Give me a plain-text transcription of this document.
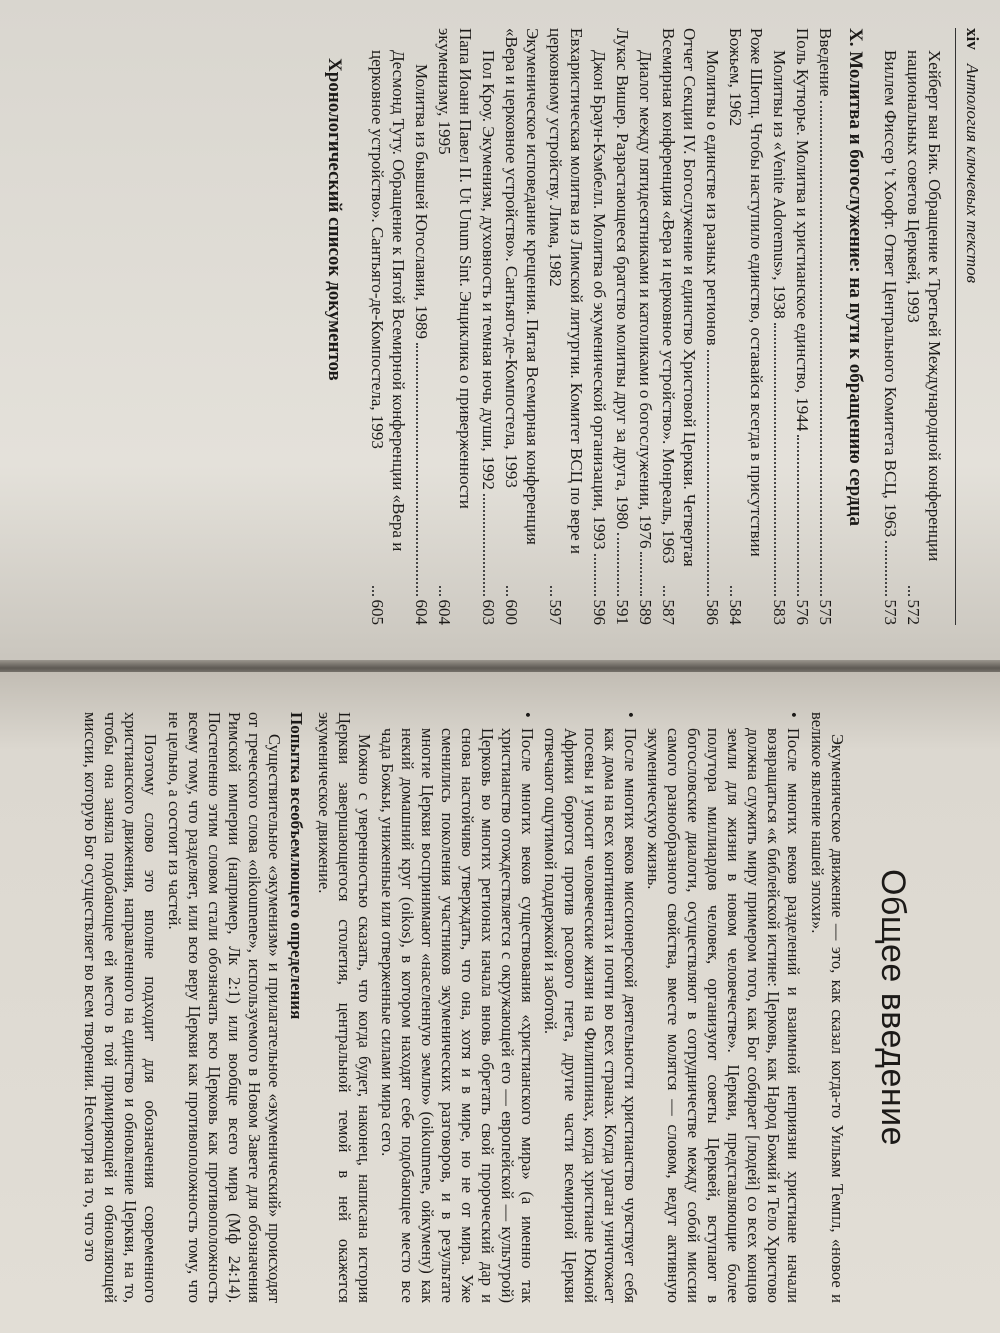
xiv
Антология ключевых текстов
Хейберт ван Бик. Обращение к Третьей Международной конференции национальных советов Церквей, 1993
572
Виллем Фиссер 't Хоофт. Ответ Центрального Комитета ВСЦ, 1963
573
X. Молитва и богослужение: на пути к обращению сердца
Введение
575
Поль Кутюрье. Молитва и христианское единство, 1944
576
Молитвы из «Venite Adoremus», 1938
583
Роже Шютц. Чтобы наступило единство, оставайся всегда в присутствии Божьем, 1962
584
Молитвы о единстве из разных регионов
586
Отчет Секции IV. Богослужение и единство Христовой Церкви. Четвертая Всемирная конференция «Вера и церковное устройство». Монреаль, 1963
587
Диалог между пятидесятниками и католиками о богослужении, 1976
589
Лукас Вишер. Разрастающееся братство молитвы друг за друга, 1980
591
Джон Браун-Кэмбелл. Молитва об экуменической организации, 1993
596
Евхаристическая молитва из Лимской литургии. Комитет ВСЦ по вере и церковному устройству. Лима, 1982
597
Экуменическое исповедание крещения. Пятая Всемирная конференция «Вера и церковное устройство». Сантьяго-де-Компостела, 1993
600
Пол Кроу. Экуменизм, духовность и темная ночь души, 1992
603
Папа Иоанн Павел II. Ut Unum Sint. Энциклика о приверженности экуменизму, 1995
604
Молитва из бывшей Югославии, 1989
604
Десмонд Туту. Обращение к Пятой Всемирной конференции «Вера и церковное устройство». Сантьяго-де-Компостела, 1993
605
Хронологический список документов
Общее введение

Экуменическое движение — это, как сказал когда-то Уильям Темпл, «новое и великое явление нашей эпохи».

• После многих веков разделений и взаимной неприязни христиане начали возвращаться «к библейской истине: Церковь, как Народ Божий и Тело Христово должна служить миру примером того, как Бог собирает [людей] со всех концов земли для жизни в новом человечестве». Церкви, представляющие более полутора миллиардов человек, организуют советы Церквей, вступают в богословские диалоги, осуществляют в сотрудничестве между собой миссии самого разнообразного свойства, вместе молятся — словом, ведут активную экуменическую жизнь.
• После многих веков миссионерской деятельности христианство чувствует себя как дома на всех континентах и почти во всех странах. Когда ураган уничтожает посевы и уносит человеческие жизни на Филиппинах, когда христиане Южной Африки борются против расового гнета, другие части всемирной Церкви отвечают ощутимой поддержкой и заботой.
• После многих веков существования «христианского мира» (а именно так христианство отождествляется с окружающей его — европейской — культурой) Церковь во многих регионах начала вновь обретать свой пророческий дар и снова настойчиво утверждать, что она, хотя и в мире, но не от мира. Уже сменились поколения участников экуменических разговоров, и в результате многие Церкви воспринимают «населенную землю» (oikoumene, ойкумену) как некий домашний круг (oikos), в котором находят себе подобающее место все чада Божьи, униженные или отверженные силами мира сего.

Можно с уверенностью сказать, что когда будет, наконец, написана история Церкви завершающегося столетия, центральной темой в ней окажется экуменическое движение.

Попытка всеобъемлющего определения

Существительное «экуменизм» и прилагательное «экуменический» происходят от греческого слова «oikoumene», используемого в Новом Завете для обозначения Римской империи (например, Лк 2:1) или вообще всего мира (Мф 24:14). Постепенно этим словом стали обозначать всю Церковь как противоположность всему тому, что разделяет, или всю веру Церкви как противоположность тому, что не цельно, а состоит из частей.

Поэтому слово это вполне подходит для обозначения современного христианского движения, направленного на единство и обновление Церкви, на то, чтобы она заняла подобающее ей место в той примиряющей и обновляющей миссии, которую Бог осуществляет во всем творении. Несмотря на то, что это
